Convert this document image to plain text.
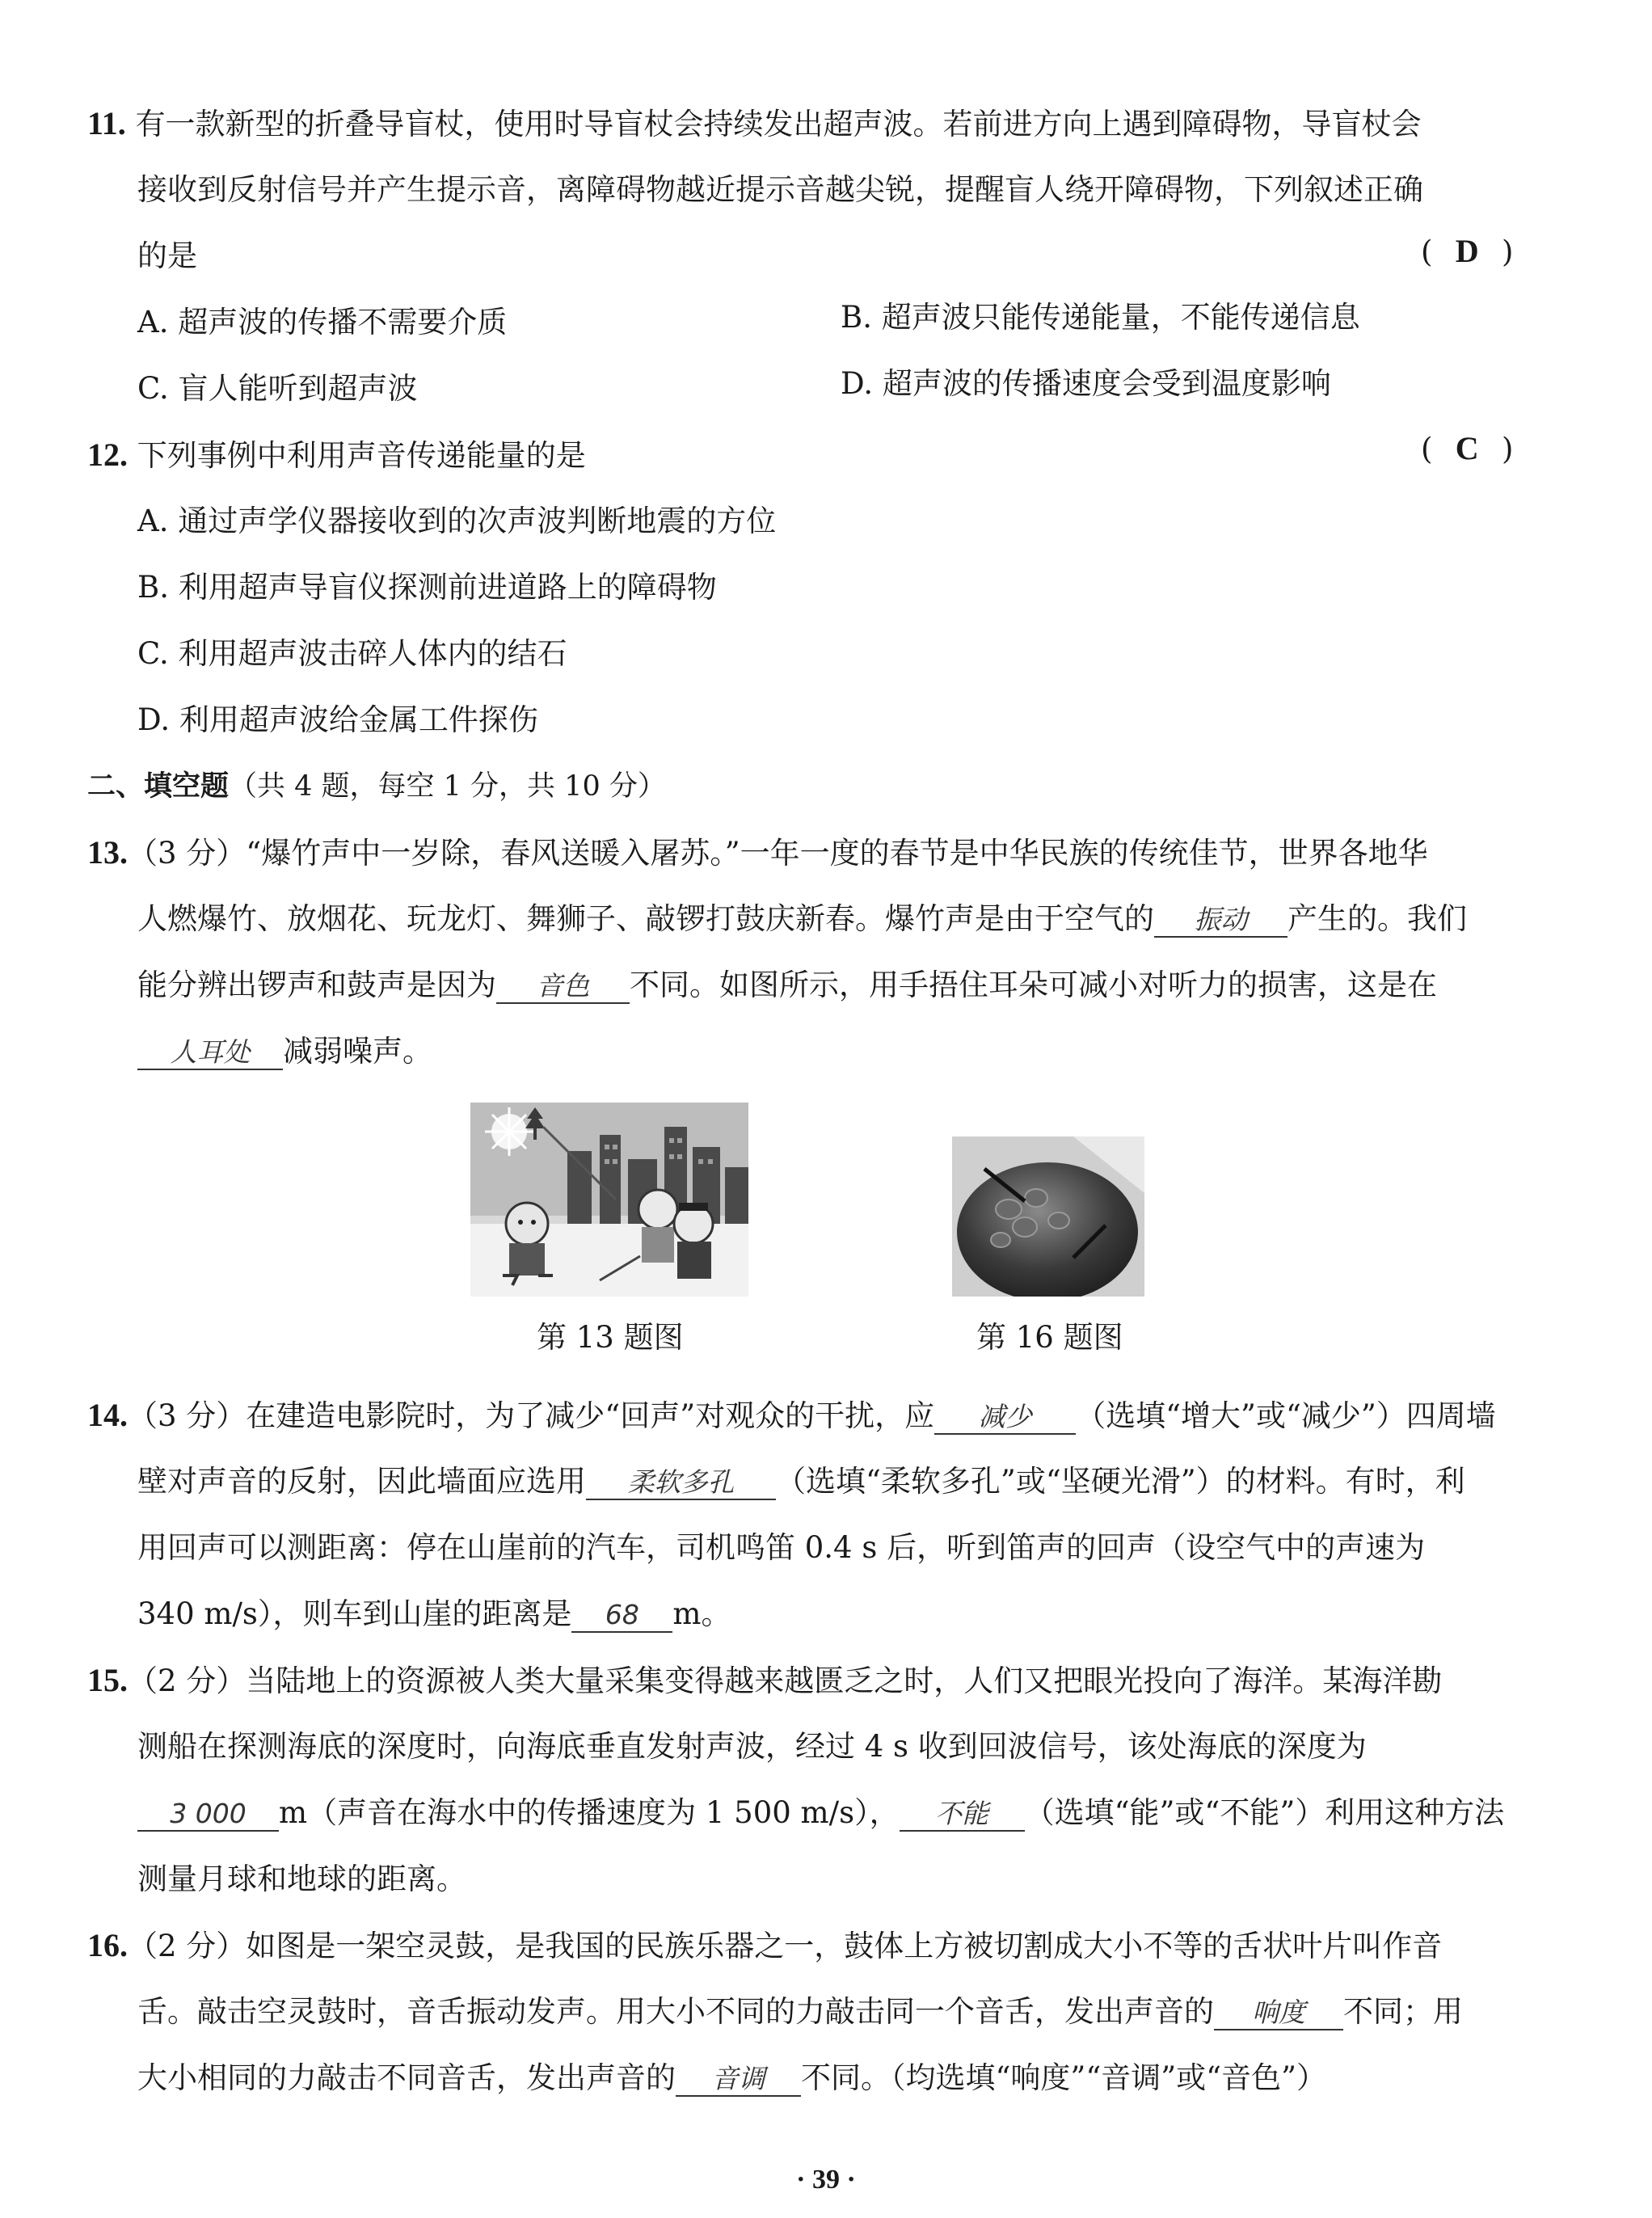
11. 有一款新型的折叠导盲杖，使用时导盲杖会持续发出超声波。若前进方向上遇到障碍物，导盲杖会
接收到反射信号并产生提示音，离障碍物越近提示音越尖锐，提醒盲人绕开障碍物，下列叙述正确
的是	( D )
A. 超声波的传播不需要介质	B. 超声波只能传递能量，不能传递信息
C. 盲人能听到超声波	D. 超声波的传播速度会受到温度影响
12. 下列事例中利用声音传递能量的是	( C )
A. 通过声学仪器接收到的次声波判断地震的方位
B. 利用超声导盲仪探测前进道路上的障碍物
C. 利用超声波击碎人体内的结石
D. 利用超声波给金属工件探伤
二、填空题（共 4 题，每空 1 分，共 10 分）
13.（3 分）“爆竹声中一岁除，春风送暖入屠苏。”一年一度的春节是中华民族的传统佳节，世界各地华
人燃爆竹、放烟花、玩龙灯、舞狮子、敲锣打鼓庆新春。爆竹声是由于空气的 振动 产生的。我们
能分辨出锣声和鼓声是因为 音色 不同。如图所示，用手捂住耳朵可减小对听力的损害，这是在
人耳处 减弱噪声。
第 13 题图	第 16 题图
14.（3 分）在建造电影院时，为了减少“回声”对观众的干扰，应 减少 （选填“增大”或“减少”）四周墙
壁对声音的反射，因此墙面应选用 柔软多孔 （选填“柔软多孔”或“坚硬光滑”）的材料。有时，利
用回声可以测距离：停在山崖前的汽车，司机鸣笛 0.4 s 后，听到笛声的回声（设空气中的声速为
340 m/s），则车到山崖的距离是 68 m。
15.（2 分）当陆地上的资源被人类大量采集变得越来越匮乏之时，人们又把眼光投向了海洋。某海洋勘
测船在探测海底的深度时，向海底垂直发射声波，经过 4 s 收到回波信号，该处海底的深度为
3 000 m（声音在海水中的传播速度为 1 500 m/s）， 不能 （选填“能”或“不能”）利用这种方法
测量月球和地球的距离。
16.（2 分）如图是一架空灵鼓，是我国的民族乐器之一，鼓体上方被切割成大小不等的舌状叶片叫作音
舌。敲击空灵鼓时，音舌振动发声。用大小不同的力敲击同一个音舌，发出声音的 响度 不同；用
大小相同的力敲击不同音舌，发出声音的 音调 不同。（均选填“响度”“音调”或“音色”）
· 39 ·
